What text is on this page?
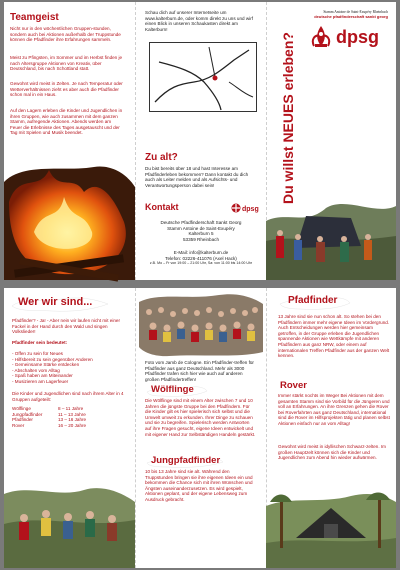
Teamgeist
Nicht nur in den wöchentlichen Gruppen-stunden, sondern auch bei Aktionen außerhalb der Truppstunde können die Pfadfinder ihre Erfahrungen sammeln.
Meist zu Pfingsten, im Sommer und im Herbst finden je nach Altersgruppe Aktionen von Kreativ, über Deutschland, bis nach Schottland statt.
Gewohnt wird meist in Zelten. Je nach Temperatur oder Wetterverhältnissen zieht es aber auch die Pfadfinder schon mal in ein Haus.
Auf den Lagern erleben die Kinder und Jugendlichen in ihren Gruppen, wie auch zusammen mit dem ganzen Stamm, aufregende Aktionen. Abends werden am Feuer die Erlebnisse des Tages ausgetauscht und der Tag mit Spielen und Musik beendet.
Schau dich auf unserer Internetseite um www.kalterburn.de, oder komm direkt zu uns und wirf einen Blick in unseren Schaukasten direkt am Kalterburn!
Zu alt?
Du bist bereits über 18 und hast Interesse am Pfadfinderleben bekommen? Dann kontakt du dich auch als Leiter melden und als Aufsichts- und Verantwortungsperson dabei sein!
Kontakt
Deutsche Pfadfinderschaft Sankt Georg
Stamm Antoine de Saint-Exupéry
Kalterburn 5
53359 Rheinbach
E-Mail: info@kalterburn.de
Telefon: 02226-411076 (Axel Hack)
z.B. Mo – Fr von 19:00 – 21:00 Uhr, Sa: von 11:00 bis 14:00 Uhr
dpsg
Stamm Antoine de Saint-Exupéry Rheinbach
deutsche pfadfinderschaft sankt georg
dpsg
Du willst NEUES erleben?
Wer wir sind...
Pfadfinder? - Ja! - Aber nein wir laufen nicht mit einer Fackel in der Hand durch den Wald und singen Volkslieder!
Pfadfinder sein bedeutet:
- Offen zu sein für Neues
- Hilfsbereit zu sein gegenüber Anderen
- Gemeinsame Stärke entdecken
- Abschalten vom Alltag
- Spaß haben am Miteinander
- Musizieren am Lagerfeuer
Die Kinder und Jugendlichen sind nach ihrem Alter in 4 Gruppen aufgeteilt:
Wölflinge	8 – 11 Jahre
Jungpfadfinder	11 – 13 Jahre
Pfadfinder	13 – 16 Jahre
Rover	16 – 20 Jahre
Foto vom Jamb de Cologne. Ein Pfadfinder-treffen für Pfadfinder aus ganz Deutschland. Mehr als 3000 Pfadfinder trafen sich hier wie auch auf anderen großen Pfadfindertreffen!
Wölflinge
Die Wölflinge sind mit einem Alter zwischen 7 und 10 Jahren die jüngste Gruppe bei den Pfadfindern. Für die Kinder gilt es hier spielerisch sich selbst und die Umwelt umweit zu erkunden. Ihrer Dinge zu schauen und sie zu begreifen. Spielerisch werden Antworten auf ihre Fragen gesucht, eigene Ideen entwickelt und mit eigener Hand zur Selbständigen Handeln gestärkt.
Jungpfadfinder
10 bis 13 Jahre sind sie alt. Während den Truppstunden bringen sie ihre eigenen Ideen ein und bekommen die Chance sich mit ihren Wünschen und Ängsten auseinanderzusetzen. Es wird gespielt, Aktionen geplant, und der eigene Lebensweg zum Ausdruck gebracht.
Pfadfinder
13 Jahre sind sie nun schon alt. So stehen bei den Pfadfindern immer mehr eigene Ideen im Vordergrund. Auch Entscheidungen werden hier gemeinsam getroffen, in der Gruppe erleben die Jugendlichen spannende Aktionen wie Wettkämpfe mit anderen Pfadfindern aus ganz NRW, oder einem auf internationalen Treffen Pfadfinder aus der ganzen Welt kennen.
Rover
Immer stärkt nochts im Weger Bei Aktionen mit dem gesamten Stamm sind sie Vorbild für die Jüngeren und voll an Erfahrungen. An ihre Grenzen gehen die Rover bei Roverfahrten aus ganz Deutschland, international sind die Rover im Hilfsprojekten tätig und planen selbst Aktionen einfach nur an vom Alltag!
Gewohnt wird meist in idyllischen Schwarz-zelten. Im großen Hauptzelt können sich die Kinder und Jugendlichen zum Abend hin wieder aufwärmen.
